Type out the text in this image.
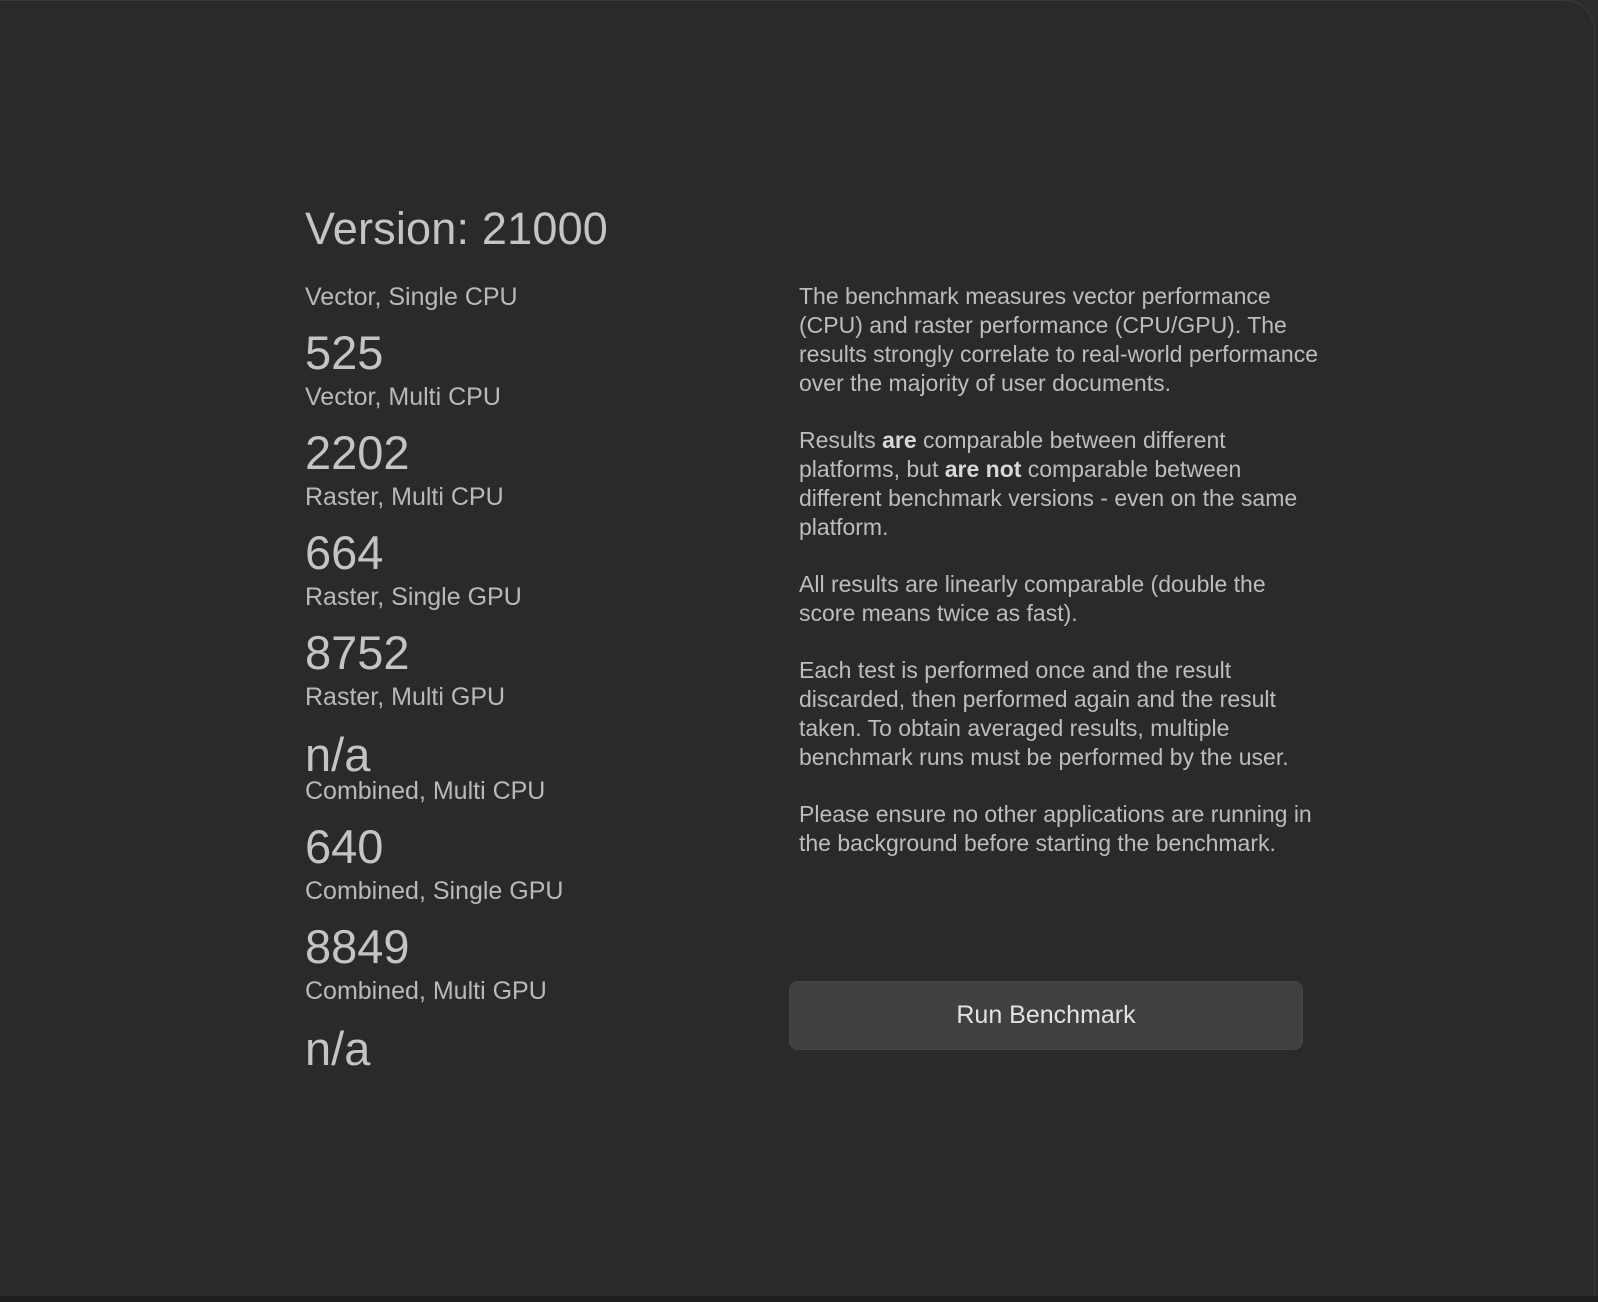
Version: 21000
Vector, Single CPU
525
Vector, Multi CPU
2202
Raster, Multi CPU
664
Raster, Single GPU
8752
Raster, Multi GPU
n/a
Combined, Multi CPU
640
Combined, Single GPU
8849
Combined, Multi GPU
n/a

The benchmark measures vector performance (CPU) and raster performance (CPU/GPU). The results strongly correlate to real-world performance over the majority of user documents.

Results are comparable between different platforms, but are not comparable between different benchmark versions - even on the same platform.

All results are linearly comparable (double the score means twice as fast).

Each test is performed once and the result discarded, then performed again and the result taken. To obtain averaged results, multiple benchmark runs must be performed by the user.

Please ensure no other applications are running in the background before starting the benchmark.

Run Benchmark
